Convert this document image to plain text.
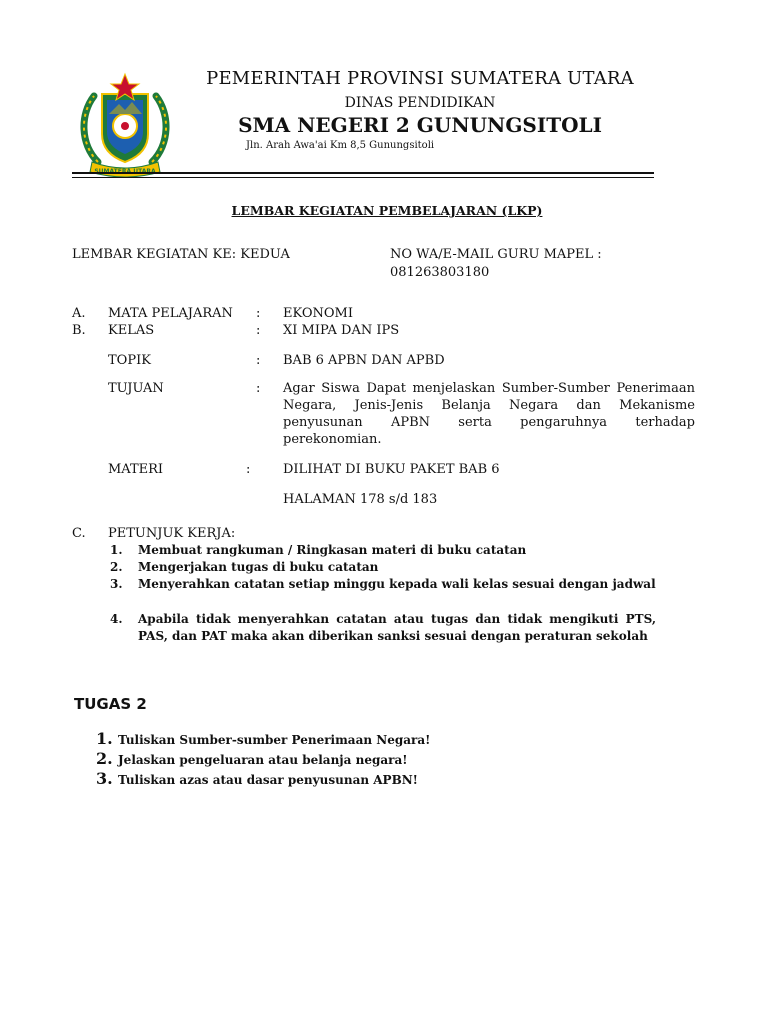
SUMATERA UTARA
PEMERINTAH PROVINSI SUMATERA UTARA
DINAS PENDIDIKAN
SMA NEGERI 2 GUNUNGSITOLI
Jln. Arah Awa'ai Km 8,5 Gunungsitoli
LEMBAR KEGIATAN PEMBELAJARAN (LKP)
LEMBAR KEGIATAN KE: KEDUA	NO WA/E-MAIL GURU MAPEL :
081263803180
A. MATA PELAJARAN : EKONOMI
B. KELAS	: XI MIPA DAN IPS
TOPIK	: BAB 6 APBN DAN APBD
TUJUAN	: Agar Siswa Dapat menjelaskan Sumber-Sumber Penerimaan Negara, Jenis-Jenis Belanja Negara dan Mekanisme penyusunan APBN serta pengaruhnya terhadap perekonomian.
MATERI	:	DILIHAT DI BUKU PAKET BAB 6
HALAMAN 178 s/d 183
C. PETUNJUK KERJA:
1. Membuat rangkuman / Ringkasan materi di buku catatan
2. Mengerjakan tugas di buku catatan
3. Menyerahkan catatan setiap minggu kepada wali kelas sesuai dengan jadwal
4. Apabila tidak menyerahkan catatan atau tugas dan tidak mengikuti PTS, PAS, dan PAT maka akan diberikan sanksi sesuai dengan peraturan sekolah
TUGAS 2
1. Tuliskan Sumber-sumber Penerimaan Negara!
2. Jelaskan pengeluaran atau belanja negara!
3. Tuliskan azas atau dasar penyusunan APBN!
